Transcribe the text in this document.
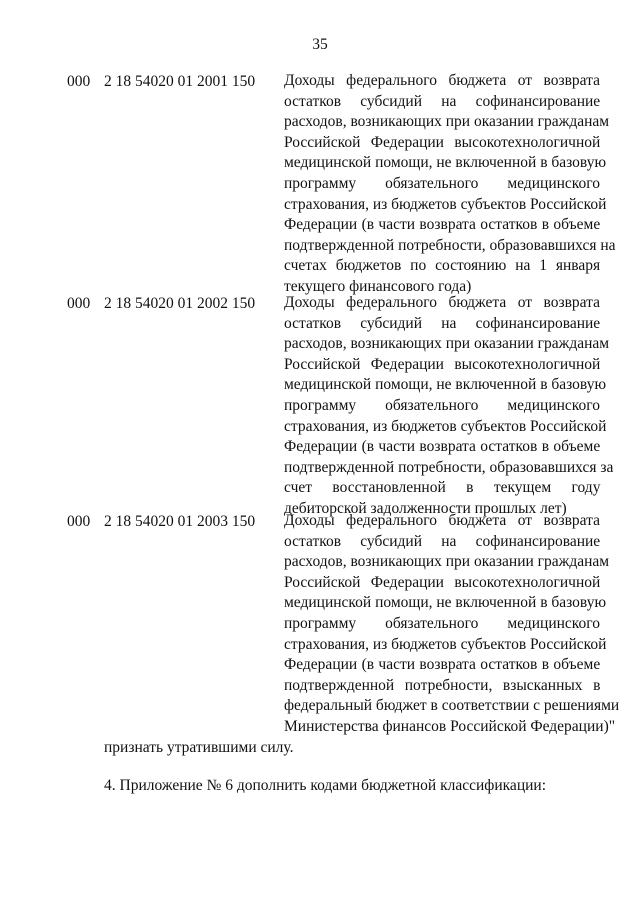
35
000 2 18 54020 01 2001 150 Доходы федерального бюджета от возврата
остатков субсидий на софинансирование
расходов, возникающих при оказании гражданам
Российской Федерации высокотехнологичной
медицинской помощи, не включенной в базовую
программу обязательного медицинского
страхования, из бюджетов субъектов Российской
Федерации (в части возврата остатков в объеме
подтвержденной потребности, образовавшихся на
счетах бюджетов по состоянию на 1 января
текущего финансового года)
000 2 18 54020 01 2002 150 Доходы федерального бюджета от возврата
остатков субсидий на софинансирование
расходов, возникающих при оказании гражданам
Российской Федерации высокотехнологичной
медицинской помощи, не включенной в базовую
программу обязательного медицинского
страхования, из бюджетов субъектов Российской
Федерации (в части возврата остатков в объеме
подтвержденной потребности, образовавшихся за
счет восстановленной в текущем году
дебиторской задолженности прошлых лет)
000 2 18 54020 01 2003 150 Доходы федерального бюджета от возврата
остатков субсидий на софинансирование
расходов, возникающих при оказании гражданам
Российской Федерации высокотехнологичной
медицинской помощи, не включенной в базовую
программу обязательного медицинского
страхования, из бюджетов субъектов Российской
Федерации (в части возврата остатков в объеме
подтвержденной потребности, взысканных в
федеральный бюджет в соответствии с решениями
Министерства финансов Российской Федерации)"
признать утратившими силу.
4. Приложение № 6 дополнить кодами бюджетной классификации:
